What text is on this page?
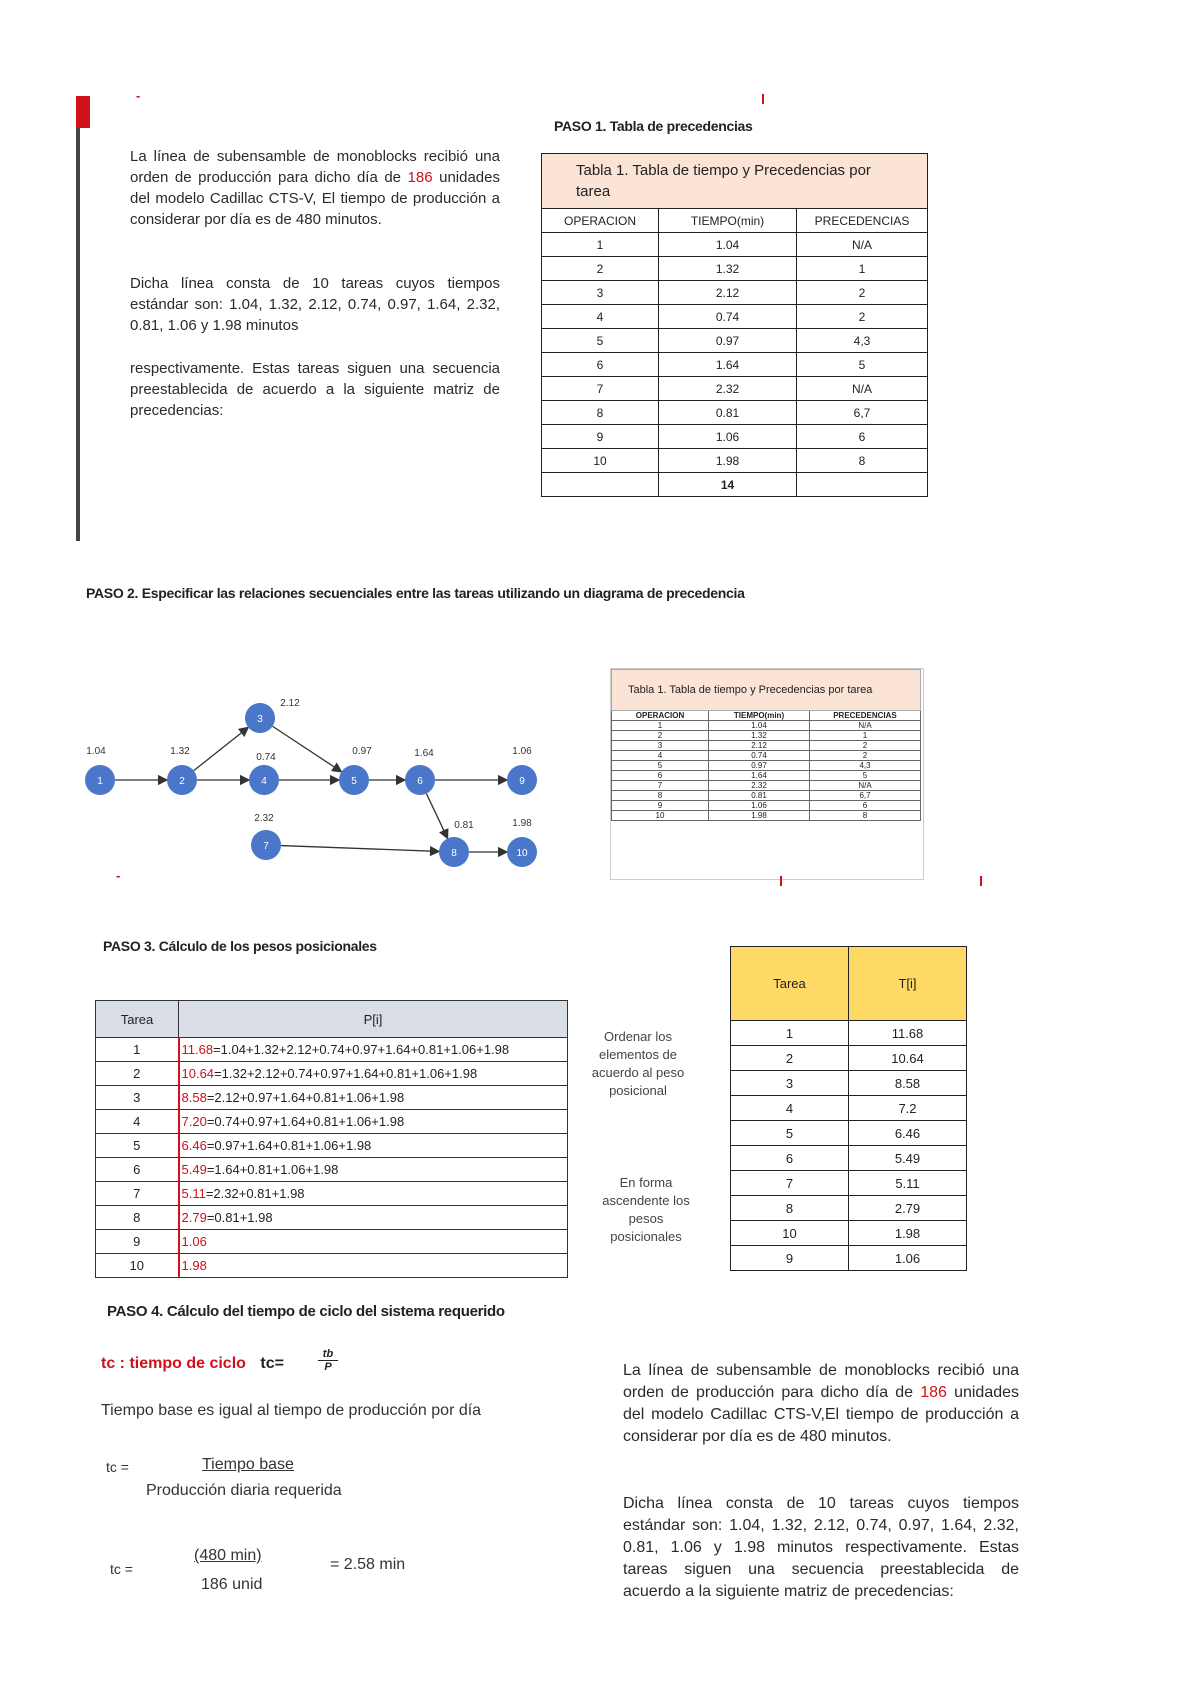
-
La línea de subensamble de monoblocks recibió una orden de producción para dicho día de 186 unidades del modelo Cadillac CTS-V, El tiempo de producción a considerar por día es de 480 minutos.
Dicha línea consta de 10 tareas cuyos tiempos estándar son: 1.04, 1.32, 2.12, 0.74, 0.97, 1.64, 2.32, 0.81, 1.06 y 1.98 minutos
respectivamente. Estas tareas siguen una secuencia preestablecida de acuerdo a la siguiente matriz de precedencias:
PASO 1. Tabla de precedencias
Tabla 1. Tabla de tiempo y Precedencias por tarea		
OPERACION	TIEMPO(min)	PRECEDENCIAS
1	1.04	N/A
2	1.32	1
3	2.12	2
4	0.74	2
5	0.97	4,3
6	1.64	5
7	2.32	N/A
8	0.81	6,7
9	1.06	6
10	1.98	8
	14	
PASO 2. Especificar las relaciones secuenciales entre las tareas utilizando un diagrama de precedencia
1
1.04
2
1.32
3
2.12
4
0.74
5
0.97
6
1.64
9
1.06
7
2.32
8
0.81
10
1.98
Tabla 1. Tabla de tiempo y Precedencias por tarea		
OPERACION	TIEMPO(min)	PRECEDENCIAS
1	1.04	N/A
2	1.32	1
3	2.12	2
4	0.74	2
5	0.97	4,3
6	1.64	5
7	2.32	N/A
8	0.81	6,7
9	1.06	6
10	1.98	8
-
PASO 3. Cálculo de los pesos posicionales
Tarea	P[i]
1	11.68=1.04+1.32+2.12+0.74+0.97+1.64+0.81+1.06+1.98
2	10.64=1.32+2.12+0.74+0.97+1.64+0.81+1.06+1.98
3	8.58=2.12+0.97+1.64+0.81+1.06+1.98
4	7.20=0.74+0.97+1.64+0.81+1.06+1.98
5	6.46=0.97+1.64+0.81+1.06+1.98
6	5.49=1.64+0.81+1.06+1.98
7	5.11=2.32+0.81+1.98
8	2.79=0.81+1.98
9	1.06
10	1.98
Ordenar los elementos de acuerdo al peso posicional
En forma ascendente los pesos posicionales
Tarea	T[i]
1	11.68
2	10.64
3	8.58
4	7.2
5	6.46
6	5.49
7	5.11
8	2.79
10	1.98
9	1.06
PASO 4. Cálculo del tiempo de ciclo del sistema requerido
tc : tiempo de ciclo tc=
tb
P
Tiempo base es igual al tiempo de producción por día
tc =	Tiempo base
Producción diaria requerida
tc =
(480 min)
186 unid
= 2.58 min
La línea de subensamble de monoblocks recibió una orden de producción para dicho día de 186 unidades del modelo Cadillac CTS-V,El tiempo de producción a considerar por día es de 480 minutos.
Dicha línea consta de 10 tareas cuyos tiempos estándar son: 1.04, 1.32, 2.12, 0.74, 0.97, 1.64, 2.32, 0.81, 1.06 y 1.98 minutos respectivamente. Estas tareas siguen una secuencia preestablecida de acuerdo a la siguiente matriz de precedencias:
